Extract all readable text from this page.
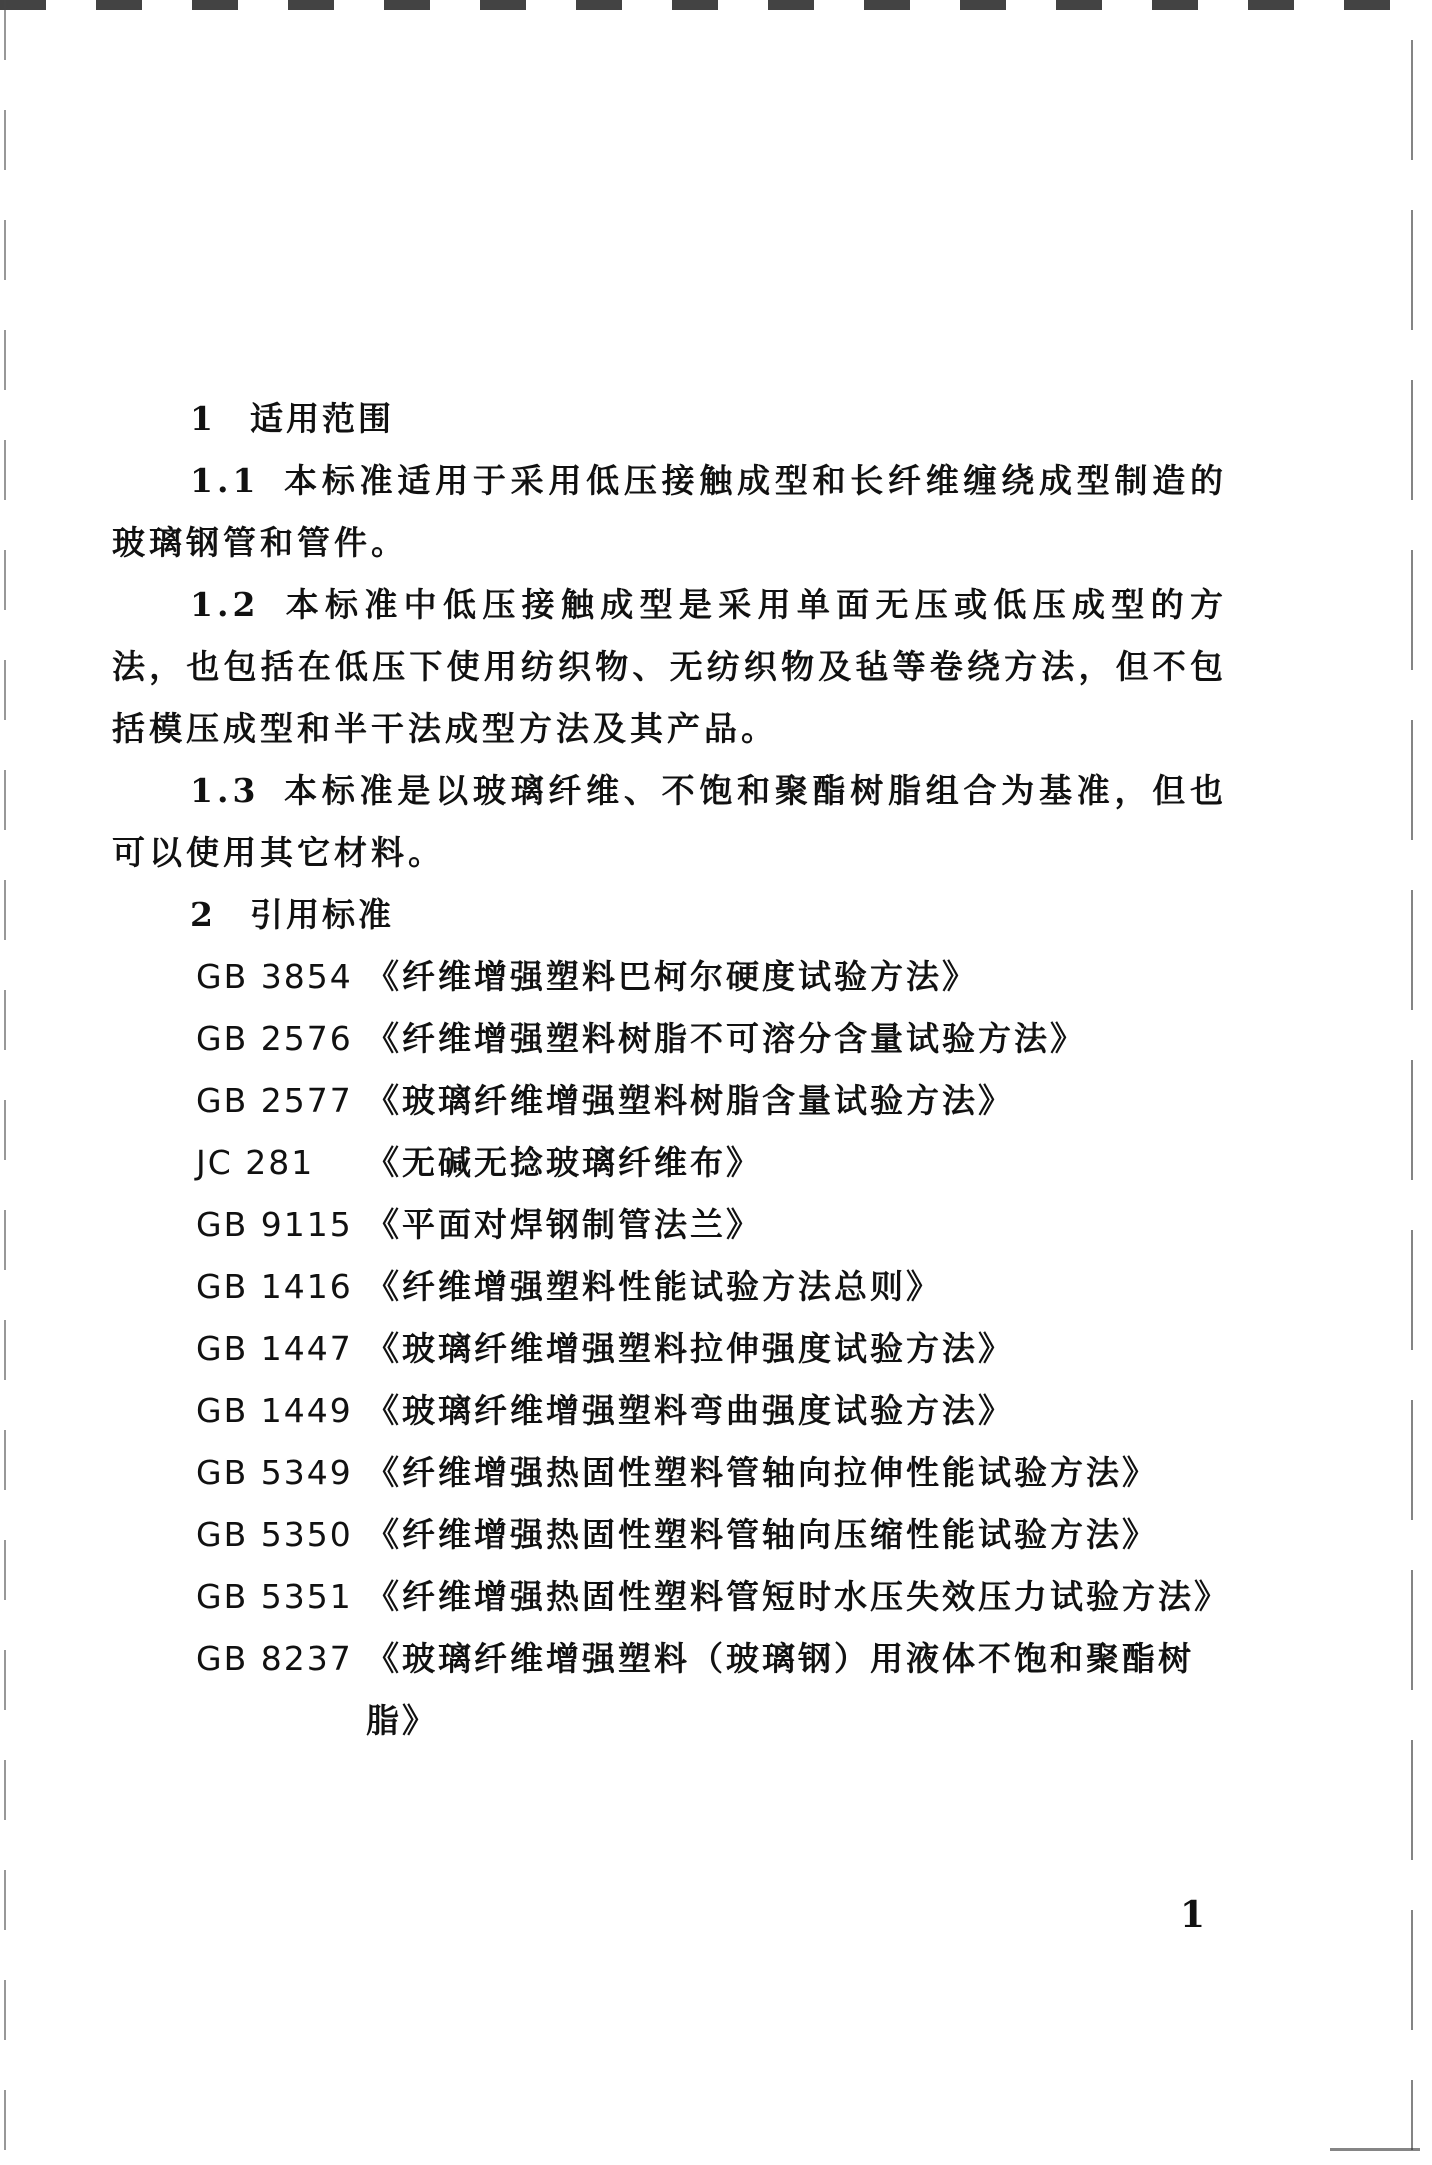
1 适用范围
1.1 本标准适用于采用低压接触成型和长纤维缠绕成型制造的玻璃钢管和管件。
1.2 本标准中低压接触成型是采用单面无压或低压成型的方法，也包括在低压下使用纺织物、无纺织物及毡等卷绕方法，但不包括模压成型和半干法成型方法及其产品。
1.3 本标准是以玻璃纤维、不饱和聚酯树脂组合为基准，但也可以使用其它材料。
2 引用标准
GB 3854 《纤维增强塑料巴柯尔硬度试验方法》
GB 2576 《纤维增强塑料树脂不可溶分含量试验方法》
GB 2577 《玻璃纤维增强塑料树脂含量试验方法》
JC 281	《无碱无捻玻璃纤维布》
GB 9115 《平面对焊钢制管法兰》
GB 1416 《纤维增强塑料性能试验方法总则》
GB 1447 《玻璃纤维增强塑料拉伸强度试验方法》
GB 1449 《玻璃纤维增强塑料弯曲强度试验方法》
GB 5349 《纤维增强热固性塑料管轴向拉伸性能试验方法》
GB 5350 《纤维增强热固性塑料管轴向压缩性能试验方法》
GB 5351 《纤维增强热固性塑料管短时水压失效压力试验方法》
GB 8237 《玻璃纤维增强塑料（玻璃钢）用液体不饱和聚酯树脂》
1
